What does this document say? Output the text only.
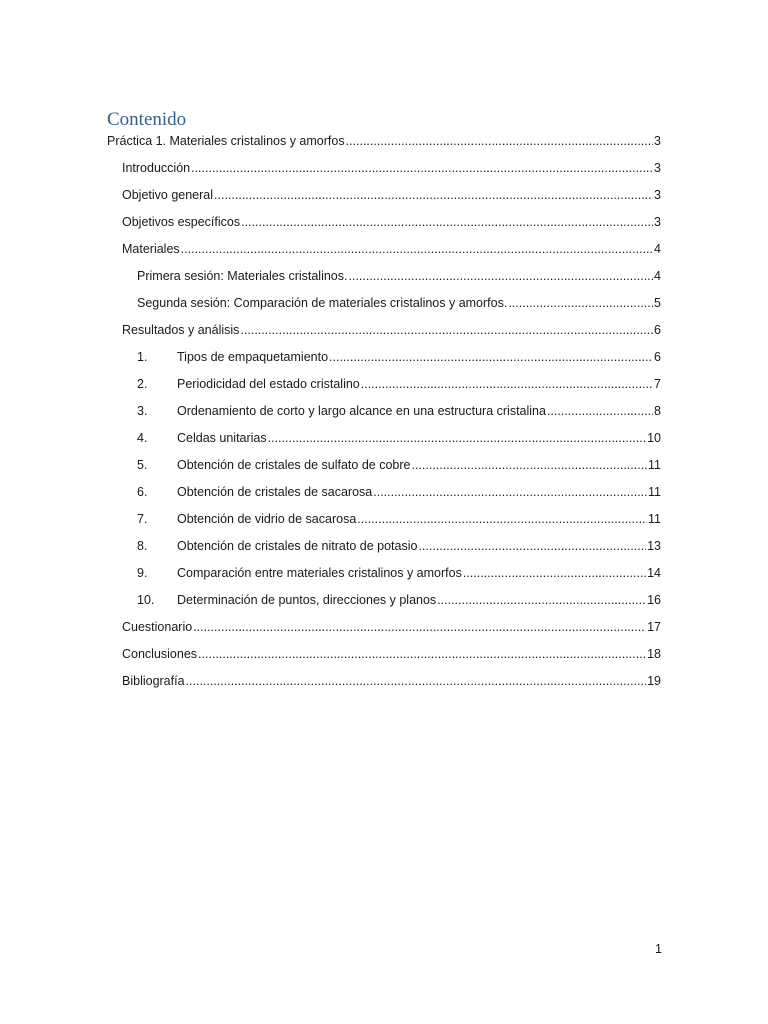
Contenido
Práctica 1. Materiales cristalinos y amorfos .....	3
Introducción .....	3
Objetivo general .....	3
Objetivos específicos .....	3
Materiales .....	4
Primera sesión: Materiales cristalinos. .....	4
Segunda sesión: Comparación de materiales cristalinos y amorfos. .....	5
Resultados y análisis .....	6
1.	Tipos de empaquetamiento .....	6
2.	Periodicidad del estado cristalino .....	7
3.	Ordenamiento de corto y largo alcance en una estructura cristalina .....	8
4.	Celdas unitarias .....	10
5.	Obtención de cristales de sulfato de cobre .....	11
6.	Obtención de cristales de sacarosa .....	11
7.	Obtención de vidrio de sacarosa .....	11
8.	Obtención de cristales de nitrato de potasio .....	13
9.	Comparación entre materiales cristalinos y amorfos .....	14
10.	Determinación de puntos, direcciones y planos .....	16
Cuestionario .....	17
Conclusiones .....	18
Bibliografía .....	19
1
